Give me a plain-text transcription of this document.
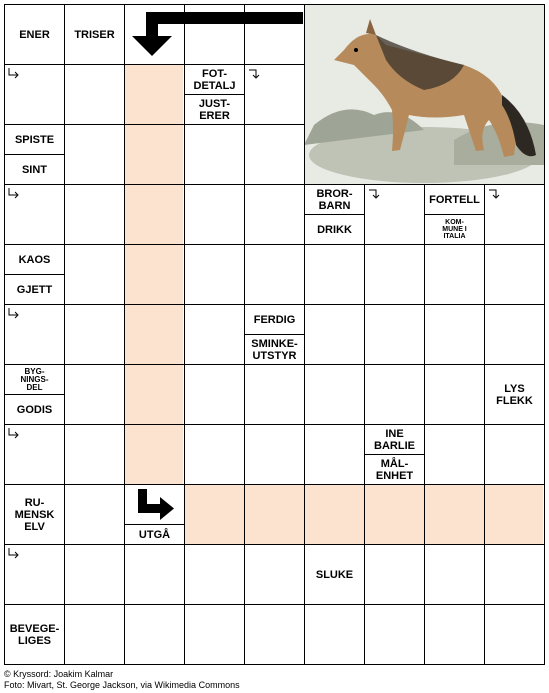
ENER	TRISER
FOT-
DETALJ
JUST-
ERER
SPISTE
SINT
BROR-
BARN
DRIKK
FORTELL
KOM-
MUNE I
ITALIA
KAOS
GJETT
FERDIG
SMINKE-
UTSTYR
BYG-
NINGS-
DEL
GODIS
LYS
FLEKK
INE
BARLIE
MÅL-
ENHET
RU-
MENSK
ELV
UTGÅ
SLUKE
BEVEGE-
LIGES
© Kryssord: Joakim Kalmar
Foto: Mivart, St. George Jackson, via Wikimedia Commons
